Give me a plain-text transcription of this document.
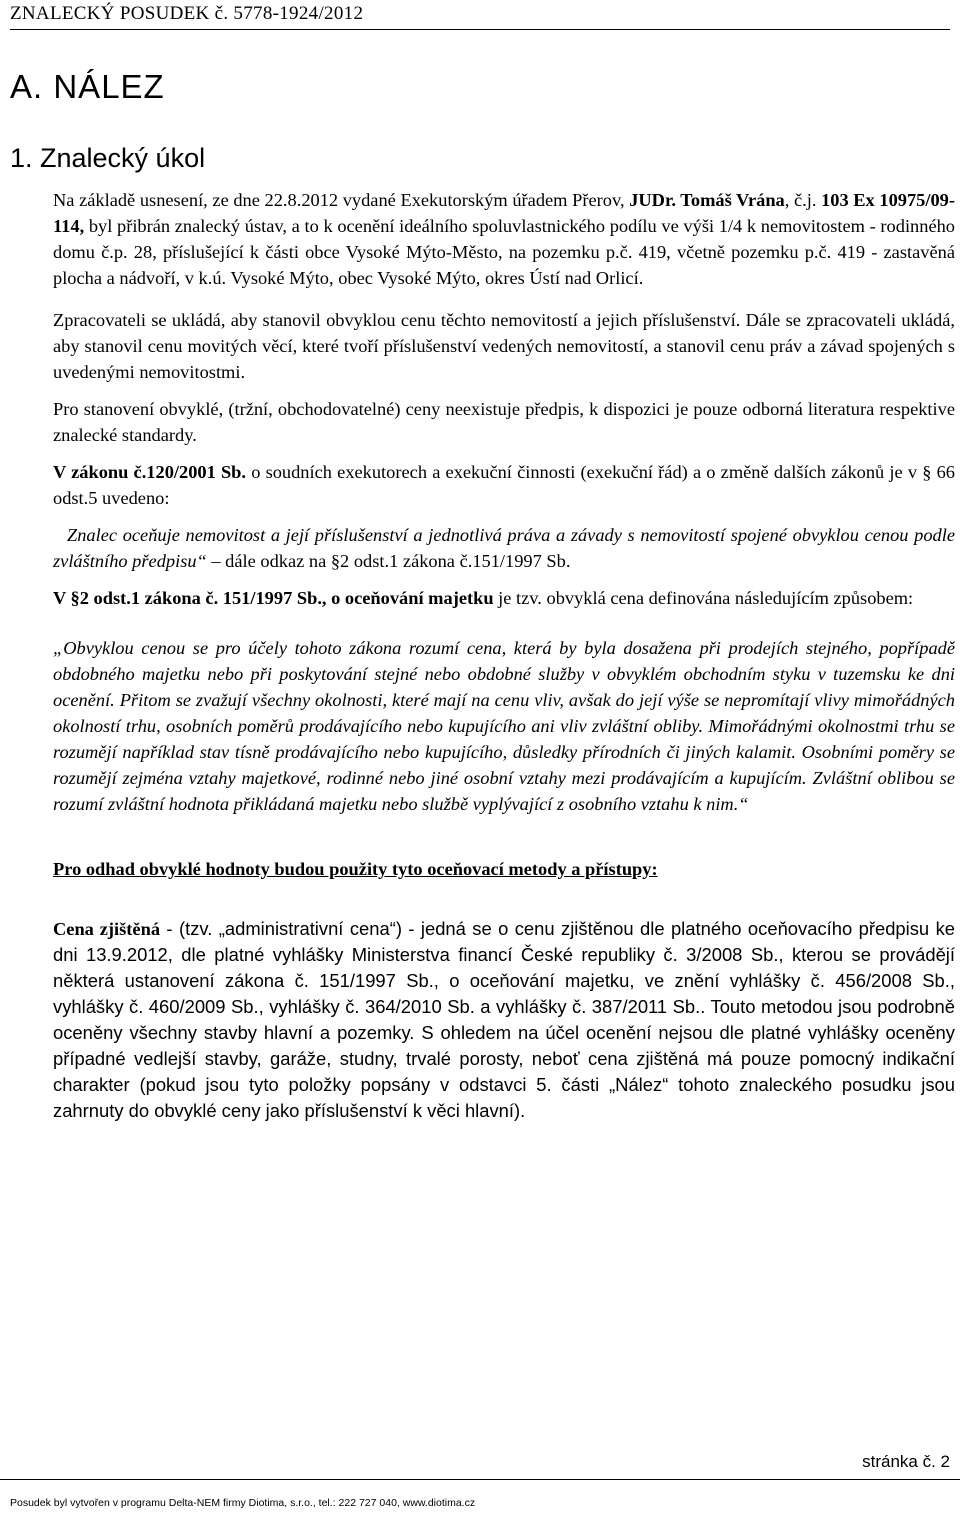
ZNALECKÝ POSUDEK č. 5778-1924/2012
A. NÁLEZ
1. Znalecký úkol

Na základě usnesení, ze dne 22.8.2012 vydané Exekutorským úřadem Přerov, JUDr. Tomáš Vrána, č.j. 103 Ex 10975/09-114, byl přibrán znalecký ústav, a to k ocenění ideálního spoluvlastnického podílu ve výši 1/4 k nemovitostem - rodinného domu č.p. 28, příslušející k části obce Vysoké Mýto-Město, na pozemku p.č. 419, včetně pozemku p.č. 419 - zastavěná plocha a nádvoří, v k.ú. Vysoké Mýto, obec Vysoké Mýto, okres Ústí nad Orlicí.

Zpracovateli se ukládá, aby stanovil obvyklou cenu těchto nemovitostí a jejich příslušenství. Dále se zpracovateli ukládá, aby stanovil cenu movitých věcí, které tvoří příslušenství vedených nemovitostí, a stanovil cenu práv a závad spojených s uvedenými nemovitostmi.

Pro stanovení obvyklé, (tržní, obchodovatelné) ceny neexistuje předpis, k dispozici je pouze odborná literatura respektive znalecké standardy.

V zákonu č.120/2001 Sb. o soudních exekutorech a exekuční činnosti (exekuční řád) a o změně dalších zákonů je v § 66 odst.5 uvedeno:

Znalec oceňuje nemovitost a její příslušenství a jednotlivá práva a závady s nemovitostí spojené obvyklou cenou podle zvláštního předpisu“ – dále odkaz na §2 odst.1 zákona č.151/1997 Sb.

V §2 odst.1 zákona č. 151/1997 Sb., o oceňování majetku je tzv. obvyklá cena definována následujícím způsobem:

„Obvyklou cenou se pro účely tohoto zákona rozumí cena, která by byla dosažena při prodejích stejného, popřípadě obdobného majetku nebo při poskytování stejné nebo obdobné služby v obvyklém obchodním styku v tuzemsku ke dni ocenění. Přitom se zvažují všechny okolnosti, které mají na cenu vliv, avšak do její výše se nepromítají vlivy mimořádných okolností trhu, osobních poměrů prodávajícího nebo kupujícího ani vliv zvláštní obliby. Mimořádnými okolnostmi trhu se rozumějí například stav tísně prodávajícího nebo kupujícího, důsledky přírodních či jiných kalamit. Osobními poměry se rozumějí zejména vztahy majetkové, rodinné nebo jiné osobní vztahy mezi prodávajícím a kupujícím. Zvláštní oblibou se rozumí zvláštní hodnota přikládaná majetku nebo službě vyplývající z osobního vztahu k nim.“

Pro odhad obvyklé hodnoty budou použity tyto oceňovací metody a přístupy:

Cena zjištěná - (tzv. „administrativní cena“) - jedná se o cenu zjištěnou dle platného oceňovacího předpisu ke dni 13.9.2012, dle platné vyhlášky Ministerstva financí České republiky č. 3/2008 Sb., kterou se provádějí některá ustanovení zákona č. 151/1997 Sb., o oceňování majetku, ve znění vyhlášky č. 456/2008 Sb., vyhlášky č. 460/2009 Sb., vyhlášky č. 364/2010 Sb. a vyhlášky č. 387/2011 Sb.. Touto metodou jsou podrobně oceněny všechny stavby hlavní a pozemky. S ohledem na účel ocenění nejsou dle platné vyhlášky oceněny případné vedlejší stavby, garáže, studny, trvalé porosty, neboť cena zjištěná má pouze pomocný indikační charakter (pokud jsou tyto položky popsány v odstavci 5. části „Nález“ tohoto znaleckého posudku jsou zahrnuty do obvyklé ceny jako příslušenství k věci hlavní).

stránka č. 2
Posudek byl vytvořen v programu Delta-NEM firmy Diotima, s.r.o., tel.: 222 727 040, www.diotima.cz
